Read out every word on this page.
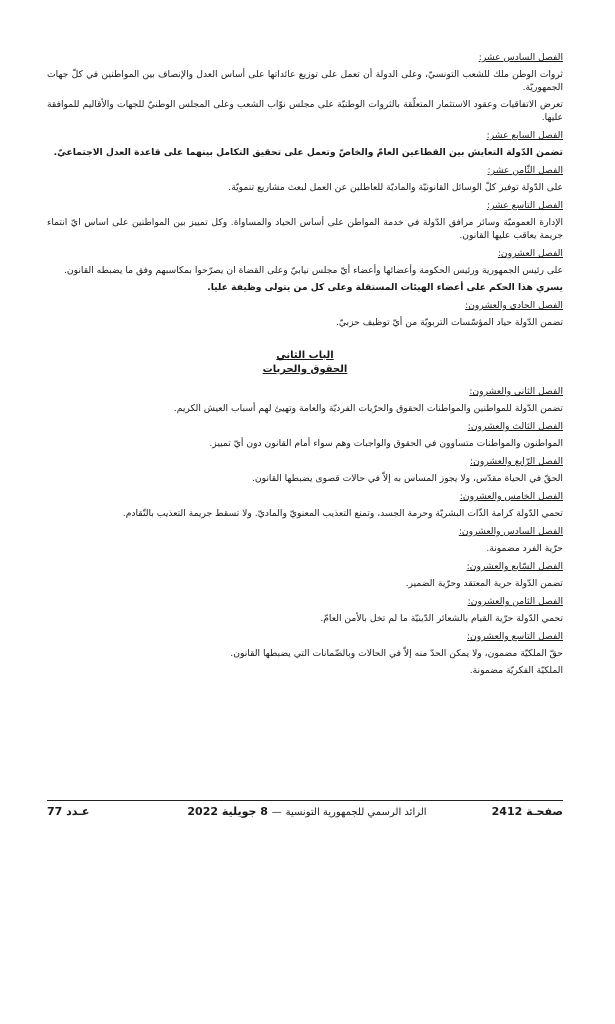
الفصل السادس عشر:
ثروات الوطن ملك للشعب التونسيّ، وعلى الدولة أن تعمل على توزيع عائداتها على أساس العدل والإنصاف بين المواطنين في كلّ جهات الجمهوريّة.
تعرض الاتفاقيات وعقود الاستثمار المتعلّقة بالثروات الوطنيّة على مجلس نوّاب الشعب وعلى المجلس الوطنيّ للجهات والأقاليم للموافقة عليها.
الفصل السابع عشر:
تضمن الدّولة التعايش بين القطاعين العامّ والخاصّ وتعمل على تحقيق التكامل بينهما على قاعدة العدل الاجتماعيّ.
الفصل الثّامن عشر:
على الدّولة توفير كلّ الوسائل القانونيّة والماديّة للعاطلين عن العمل لبعث مشاريع تنمويّة.
الفصل التاسع عشر:
الإدارة العموميّة وسائر مرافق الدّولة في خدمة المواطن على أساس الحياد والمساواة. وكل تمييز بين المواطنين على اساس ايّ انتماء جريمة يعاقب عليها القانون.
الفصل العشرون:
على رئيس الجمهورية ورئيس الحكومة وأعضائها وأعضاء أيّ مجلس نيابيّ وعلى القضاة ان يصرّحوا بمكاسبهم وفق ما يضبطه القانون.
يسري هذا الحكم على أعضاء الهيئات المستقلة وعلى كل من يتولى وظيفة عليا.
الفصل الحادي والعشرون:
تضمن الدّولة حياد المؤسّسات التربويّة من أيّ توظيف حزبيّ.
الباب الثاني
الحقوق والحريات
الفصل الثاني والعشرون:
تضمن الدّولة للمواطنين والمواطنات الحقوق والحرّيات الفرديّة والعامة وتهيئ لهم أسباب العيش الكريم.
الفصل الثالث والعشرون:
المواطنون والمواطنات متساوون في الحقوق والواجبات وهم سواء أمام القانون دون أيّ تمييز.
الفصل الرّابع والعشرون:
الحقّ في الحياة مقدّس، ولا يجوز المساس به إلاّ في حالات قصوى يضبطها القانون.
الفصل الخامس والعشرون:
تحمي الدّولة كرامة الذّات البشريّة وحرمة الجسد، وتمنع التعذيب المعنويّ والماديّ. ولا تسقط جريمة التعذيب بالتّقادم.
الفصل السادس والعشرون:
حرّية الفرد مضمونة.
الفصل السّابع والعشرون:
تضمن الدّولة حرية المعتقد وحرّية الضمير.
الفصل الثامن والعشرون:
تحمي الدّولة حرّية القيام بالشعائر الدّينيّة ما لم تخل بالأمن العامّ.
الفصل التاسع والعشرون:
حقّ الملكيّة مضمون، ولا يمكن الحدّ منه إلاّ في الحالات وبالضّمانات التي يضبطها القانون.
الملكيّة الفكريّة مضمونة.
صفحـة 2412
الرائد الرسمي للجمهورية التونسية — 8 جويلية 2022
عـدد 77
